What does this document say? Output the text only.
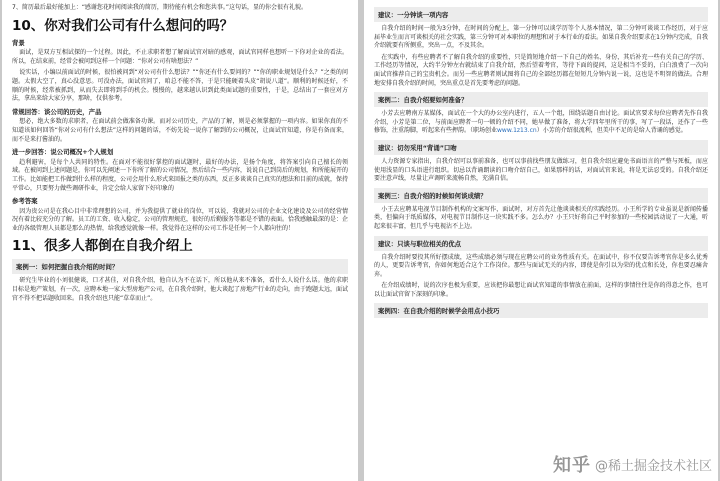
7、简历最后最好能加上：“感谢您花时间阅读我的简历，期待能有机会和您共事。”这句话，显的你会很有礼貌。

10、你对我们公司有什么想问的吗？

背景

面试，是双方互相试探的一个过程。因此，不止求职者想了解面试官对暗的感观，面试官同样也想听一下你对企业的看法。所以，在结束前，经常会被问到这样一个问题：“你对公司有啥想法？”

说实话，小编以前面试的时候，很怕被问到“对公司有什么想法？”“你还有什么要问的？”“你的职业规划是什么？”之类的问题。太假大空了，真心没意思。可没办法，面试官问了，咱总不能不答，于是只能硬着头皮“胡说八道”。顺利的时候还好，不顺的时候，经常被抓到，从而失去即将到手的机会。慢慢的，越来越认识到此类面试题的重要性，于是，总结出了一套应对方法，拿出来给大家分享，那啥，仅供参考。

常规回答：谈公司的历史，产品

想必，绝大多数的求职者，在面试前会做准备功课。而对公司历史，产品的了解，则是必须掌握的一项内容。如果你真的不知道该如何回答“你对公司有什么想法”这样的问题的话，不妨先说一说你了解到的公司概况，让面试官知道，你是有备而来，而不是来打酱油的。

进一步回答：说公司概况+个人规划

趋利避害，是每个人共同的特性。在面对不能很好掌控的面试题时，最好的办法，是扬个角度，将答案引向自己擅长的领域。在被问到上述问题是，你可以先阐述一下你所了解的公司情况，然后结合一些内容，说说自己到岗后的规划，和所能展开的工作。比如能把工作做到什么样的程度，公司会用什么形式来回报之类的东西，反正多谈谈自己真实的想法和目前的成就，保持平常心，只要努力做些调研作业，肯定会给人家留下好印象的

参考答案

因为贵公司是在我心目中非常理想的公司，并为我提供了就业的岗位，可以说，我就对公司的企业文化建设及公司的经营情况有着比较充分的了解。员工的工资、收入稳定，公司的管理规范，很好的后勤服务等都是不错的表面。恰我感触最深的是：企业的各级管理人员都是那么的热情，给我感觉就像一样。我觉得在这样的公司工作是任何一个人都向往的！

11、很多人都倒在自我介绍上
案例一：如何把握自我介绍的时间？

研究生毕业的小刘很健谈，口才甚佳，对自我介绍，他自认为不在话下，所以他从来不准备，看什么人说什么话。他的求职目标是地产策划，有一次，应聘本地一家大型房地产公司，在自我介绍时，他大谈起了房地产行业的走向，由于跑题太远，面试官不得不把话题收回来。自我介绍也只能“草草而止”。

建议：一分钟谈一项内容

自我介绍的时间一般为3分钟，在时间的分配上，第一分钟可以谈学历等个人基本情况，第二分钟可谈谈工作经历，对于应届毕业生而言可谈相关的社会实践，第三分钟可对本职位的理想和对于本行业的看法。如果自我介绍要求在1分钟内完成，自我介绍就要有所侧重，突出一点，不及其余。

在实践中，有些应聘者不了解自我介绍的重要性，只是简短地介绍一下自己的姓名、身份，其后补充一些有关自己的学历、工作经历等情况，大约半分钟左右就结束了自我介绍，然后望着考官，等待下面的提问，这是相当不妥的，白白浪费了一次向面试官推荐自己的宝贵机会。而另一些应聘者则试图将自己的全部经历都在短短几分钟内说一说，这也是不明智的做法。合理地安排自我介绍的时间，突出重点是首先要考虑的问题。

案例二：自我介绍要如何准备？

小芳去应聘南方某媒体，面试在一个大的办公室内进行，五人一个组，围绕话题自由讨论。面试官要求每位应聘者先作自我介绍，小芳是第二位，与前面应聘者一句一顿的介绍不同，她早做了准备，将大学四年里所干的事，写了一段话，还作了一些修饰，注重韵脚，听起来有些押韵。（职场创业www.1z13.cn）小芳的介绍很流利，但美中不足的是给人背诵的感觉。

建议：切勿采用“背诵”口吻

人力资源专家指出，自我介绍可以事前准备，也可以事前找些朋友做练习，但自我介绍应避免书面语言的严整与死板，而应使用浅显的口头语进行组织。切忌以背诵朗读的口吻介绍自己，如果那样的话，对面试官来说，将是无法忍受的。自我介绍还要注意声线，尽量让声调听来流畅自然，充满自信。

案例三：自我介绍的时候如何谈成绩？

小王去应聘某电视节目制作机构的文案写作，面试时，对方首先让他谈谈相关的实践经历。小王所学的专业虽说是新闻传播类，但偏向于纸质媒体，对电视节目制作这一块实践不多。怎么办？小王只好将自己平时参加的一些校园活动说了一大通，听起来很丰富，但几乎与电视沾不上边。

建议：只谈与职位相关的优点

自我介绍时要投其所好摆成绩，这些成绩必须与现在应聘公司的业务性质有关。在面试中，你不仅要告诉考官你是多么优秀的人，更要告诉考官，你如何地适合这个工作岗位。那些与面试无关的内容，即使是你引以为荣的优点和长处，你也要忍痛舍弃。

在介绍成绩时，说的次序也极为重要，应该把你最想让面试官知道的事情放在前面，这样的事情往往是你的得意之作，也可以让面试官留下深刻的印象。

案例四：在自我介绍的时候学会用点小技巧
知乎 @稀土掘金技术社区
